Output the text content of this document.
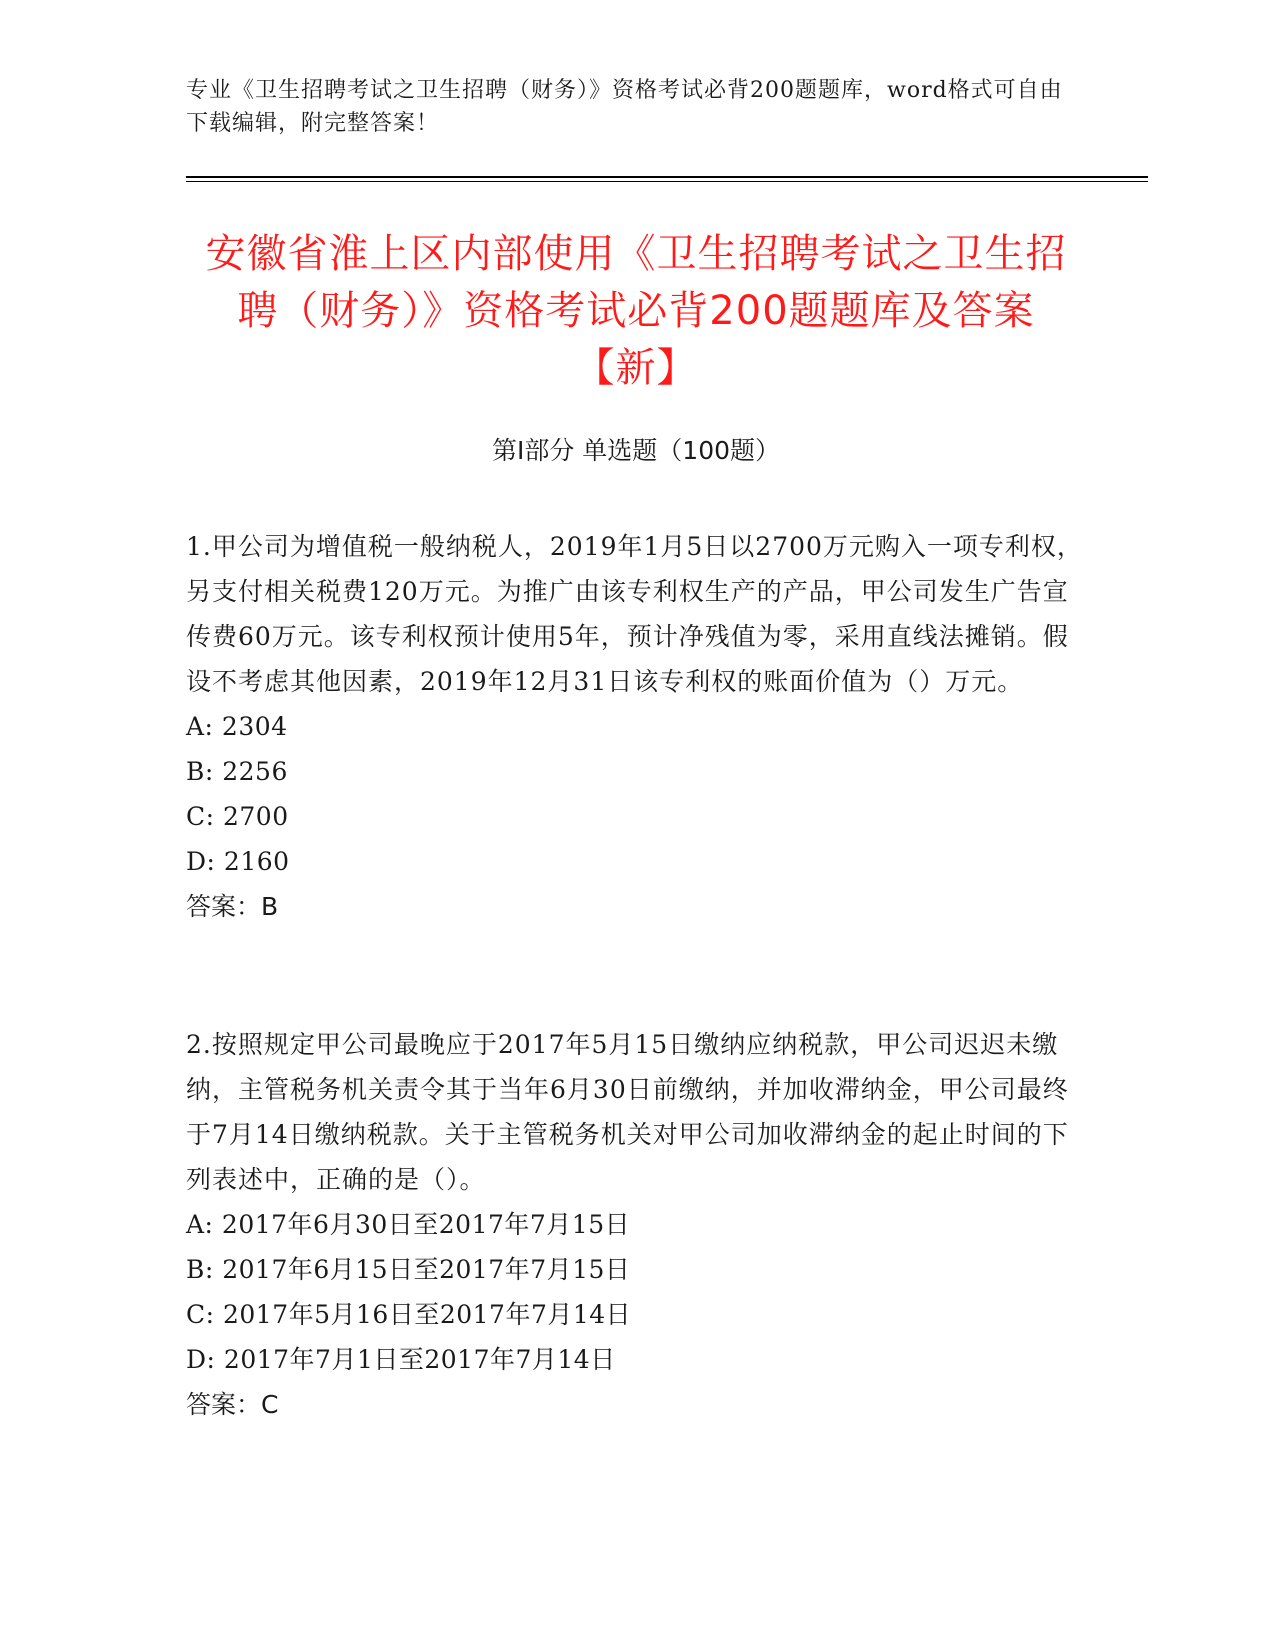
专业《卫生招聘考试之卫生招聘（财务）》资格考试必背200题题库，word格式可自由下载编辑，附完整答案！
安徽省淮上区内部使用《卫生招聘考试之卫生招聘（财务）》资格考试必背200题题库及答案【新】
第Ⅰ部分 单选题（100题）
1.甲公司为增值税一般纳税人，2019年1月5日以2700万元购入一项专利权，另支付相关税费120万元。为推广由该专利权生产的产品，甲公司发生广告宣传费60万元。该专利权预计使用5年，预计净残值为零，采用直线法摊销。假设不考虑其他因素，2019年12月31日该专利权的账面价值为（）万元。
A: 2304
B: 2256
C: 2700
D: 2160
答案：B
2.按照规定甲公司最晚应于2017年5月15日缴纳应纳税款，甲公司迟迟未缴纳，主管税务机关责令其于当年6月30日前缴纳，并加收滞纳金，甲公司最终于7月14日缴纳税款。关于主管税务机关对甲公司加收滞纳金的起止时间的下列表述中，正确的是（）。
A: 2017年6月30日至2017年7月15日
B: 2017年6月15日至2017年7月15日
C: 2017年5月16日至2017年7月14日
D: 2017年7月1日至2017年7月14日
答案：C
